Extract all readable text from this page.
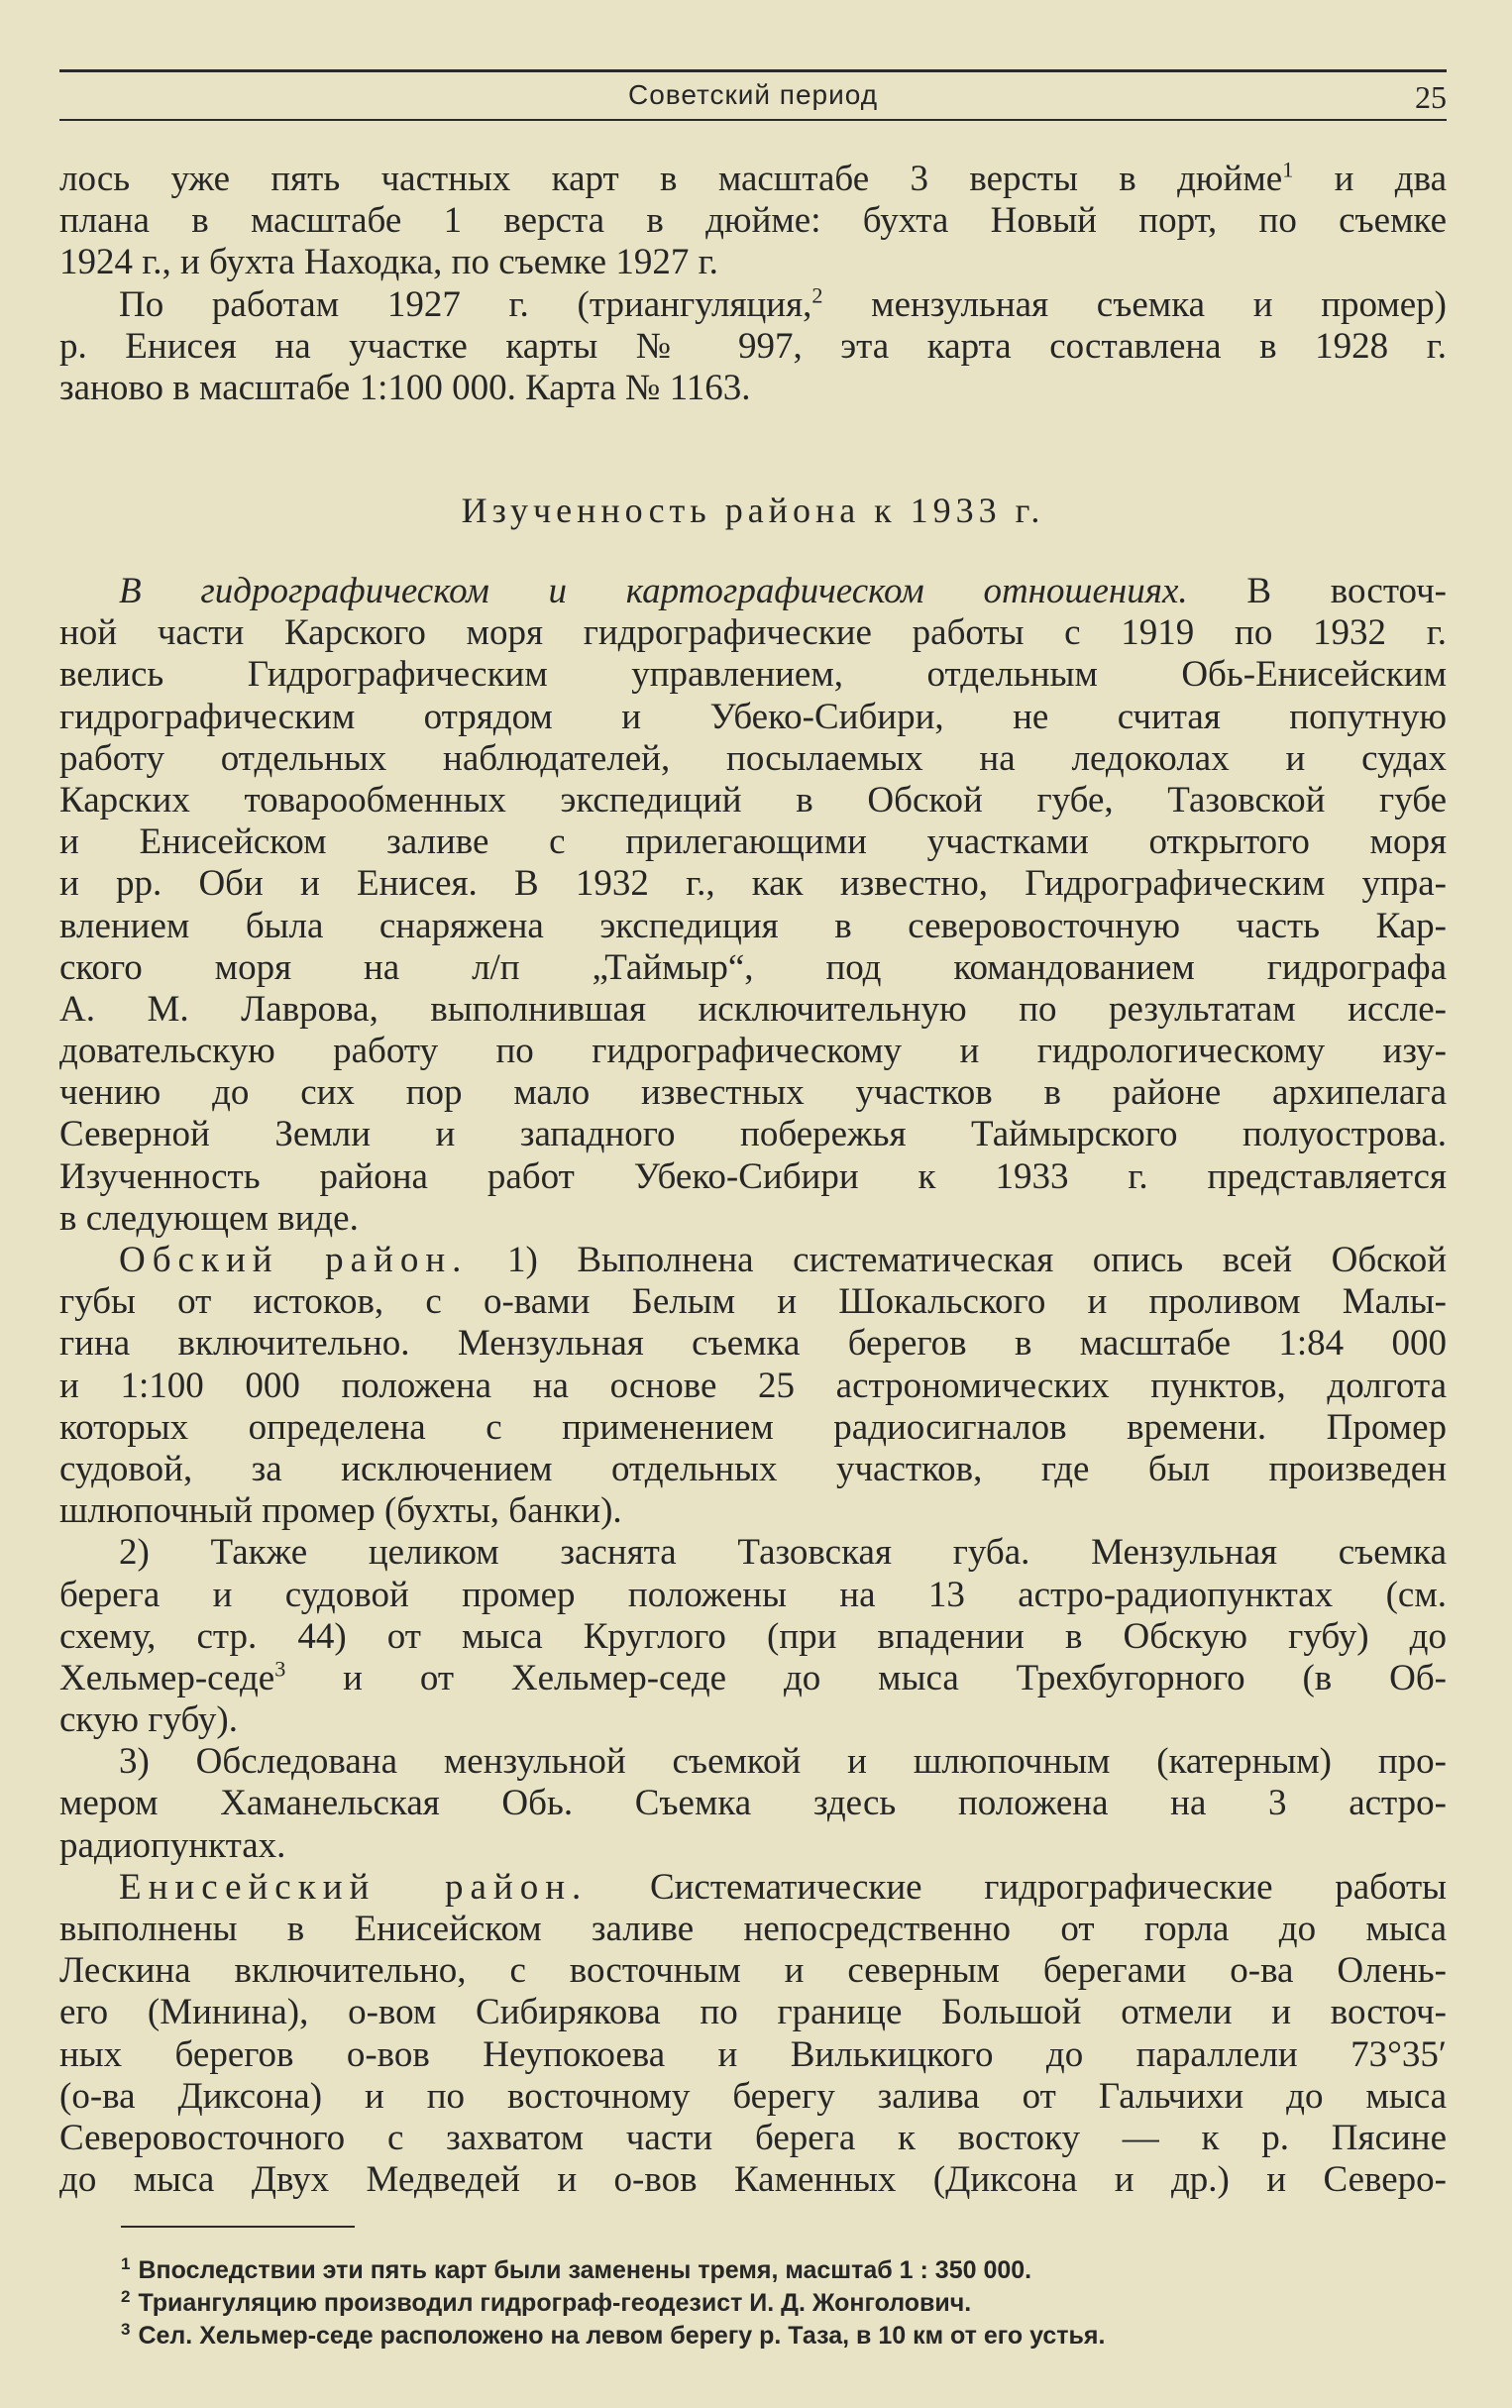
Советский период	25
лось уже пять частных карт в масштабе 3 версты в дюйме$^1$ и два
плана в масштабе 1 верста в дюйме: бухта Новый порт, по съемке
1924 г., и бухта Находка, по съемке 1927 г.
По работам 1927 г. (триангуляция,$^2$ мензульная съемка и промер)
р. Енисея на участке карты № 997, эта карта составлена в 1928 г.
заново в масштабе 1:100 000. Карта № 1163.
Изученность района к 1933 г.
В гидрографическом и картографическом отношениях. В восточ-
ной части Карского моря гидрографические работы с 1919 по 1932 г.
велись Гидрографическим управлением, отдельным Обь-Енисейским
гидрографическим отрядом и Убеко-Сибири, не считая попутную
работу отдельных наблюдателей, посылаемых на ледоколах и судах
Карских товарообменных экспедиций в Обской губе, Тазовской губе
и Енисейском заливе с прилегающими участками открытого моря
и рр. Оби и Енисея. В 1932 г., как известно, Гидрографическим упра-
влением была снаряжена экспедиция в северовосточную часть Кар-
ского моря на л/п „Таймыр“, под командованием гидрографа
А. М. Лаврова, выполнившая исключительную по результатам иссле-
довательскую работу по гидрографическому и гидрологическому изу-
чению до сих пор мало известных участков в районе архипелага
Северной Земли и западного побережья Таймырского полуострова.
Изученность района работ Убеко-Сибири к 1933 г. представляется
в следующем виде.
Обский район. 1) Выполнена систематическая опись всей Обской
губы от истоков, с о-вами Белым и Шокальского и проливом Малы-
гина включительно. Мензульная съемка берегов в масштабе 1:84 000
и 1:100 000 положена на основе 25 астрономических пунктов, долгота
которых определена с применением радиосигналов времени. Промер
судовой, за исключением отдельных участков, где был произведен
шлюпочный промер (бухты, банки).
2) Также целиком заснята Тазовская губа. Мензульная съемка
берега и судовой промер положены на 13 астро-радиопунктах (см.
схему, стр. 44) от мыса Круглого (при впадении в Обскую губу) до
Хельмер-седе$^3$ и от Хельмер-седе до мыса Трехбугорного (в Об-
скую губу).
3) Обследована мензульной съемкой и шлюпочным (катерным) про-
мером Хаманельская Обь. Съемка здесь положена на 3 астро-
радиопунктах.
Енисейский район. Систематические гидрографические работы
выполнены в Енисейском заливе непосредственно от горла до мыса
Лескина включительно, с восточным и северным берегами о-ва Олень-
его (Минина), о-вом Сибирякова по границе Большой отмели и восточ-
ных берегов о-вов Неупокоева и Вилькицкого до параллели 73°35′
(о-ва Диксона) и по восточному берегу залива от Гальчихи до мыса
Северовосточного с захватом части берега к востоку — к р. Пясине
до мыса Двух Медведей и о-вов Каменных (Диксона и др.) и Северо-
$^1$ Впоследствии эти пять карт были заменены тремя, масштаб 1 : 350 000.
$^2$ Триангуляцию производил гидрограф-геодезист И. Д. Жонголович.
$^3$ Сел. Хельмер-седе расположено на левом берегу р. Таза, в 10 км от его устья.
